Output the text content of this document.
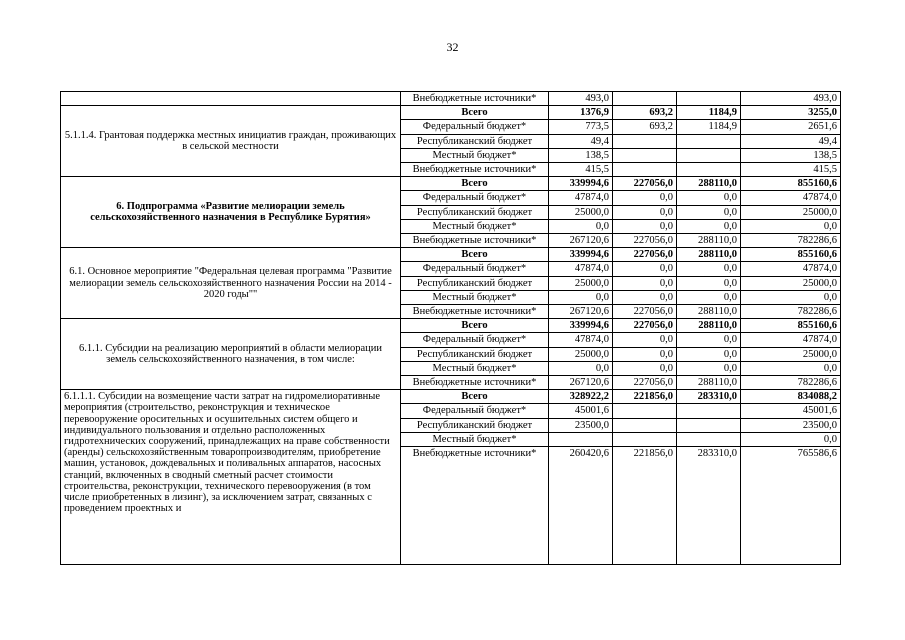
32
	Внебюджетные источники*	493,0			493,0
5.1.1.4. Грантовая поддержка местных инициатив граждан, проживающих в сельской местности	Всего	1376,9	693,2	1184,9	3255,0
	Федеральный бюджет*	773,5	693,2	1184,9	2651,6
	Республиканский бюджет	49,4			49,4
	Местный бюджет*	138,5			138,5
	Внебюджетные источники*	415,5			415,5
6. Подпрограмма «Развитие мелиорации земель сельскохозяйственного назначения в Республике Бурятия»	Всего	339994,6	227056,0	288110,0	855160,6
	Федеральный бюджет*	47874,0	0,0	0,0	47874,0
	Республиканский бюджет	25000,0	0,0	0,0	25000,0
	Местный бюджет*	0,0	0,0	0,0	0,0
	Внебюджетные источники*	267120,6	227056,0	288110,0	782286,6
6.1. Основное мероприятие "Федеральная целевая программа "Развитие мелиорации земель сельскохозяйственного назначения России на 2014 - 2020 годы""	Всего	339994,6	227056,0	288110,0	855160,6
	Федеральный бюджет*	47874,0	0,0	0,0	47874,0
	Республиканский бюджет	25000,0	0,0	0,0	25000,0
	Местный бюджет*	0,0	0,0	0,0	0,0
	Внебюджетные источники*	267120,6	227056,0	288110,0	782286,6
6.1.1. Субсидии на реализацию мероприятий в области мелиорации земель сельскохозяйственного назначения, в том числе:	Всего	339994,6	227056,0	288110,0	855160,6
	Федеральный бюджет*	47874,0	0,0	0,0	47874,0
	Республиканский бюджет	25000,0	0,0	0,0	25000,0
	Местный бюджет*	0,0	0,0	0,0	0,0
	Внебюджетные источники*	267120,6	227056,0	288110,0	782286,6
6.1.1.1. Субсидии на возмещение части затрат на гидромелиоративные мероприятия (строительство, реконструкция и техническое перевооружение оросительных и осушительных систем общего и индивидуального пользования и отдельно расположенных гидротехнических сооружений, принадлежащих на праве собственности (аренды) сельскохозяйственным товаропроизводителям, приобретение машин, установок, дождевальных и поливальных аппаратов, насосных станций, включенных в сводный сметный расчет стоимости строительства, реконструкции, технического перевооружения (в том числе приобретенных в лизинг), за исключением затрат, связанных с проведением проектных и	Всего	328922,2	221856,0	283310,0	834088,2
	Федеральный бюджет*	45001,6			45001,6
	Республиканский бюджет	23500,0			23500,0
	Местный бюджет*				0,0
	Внебюджетные источники*	260420,6	221856,0	283310,0	765586,6
